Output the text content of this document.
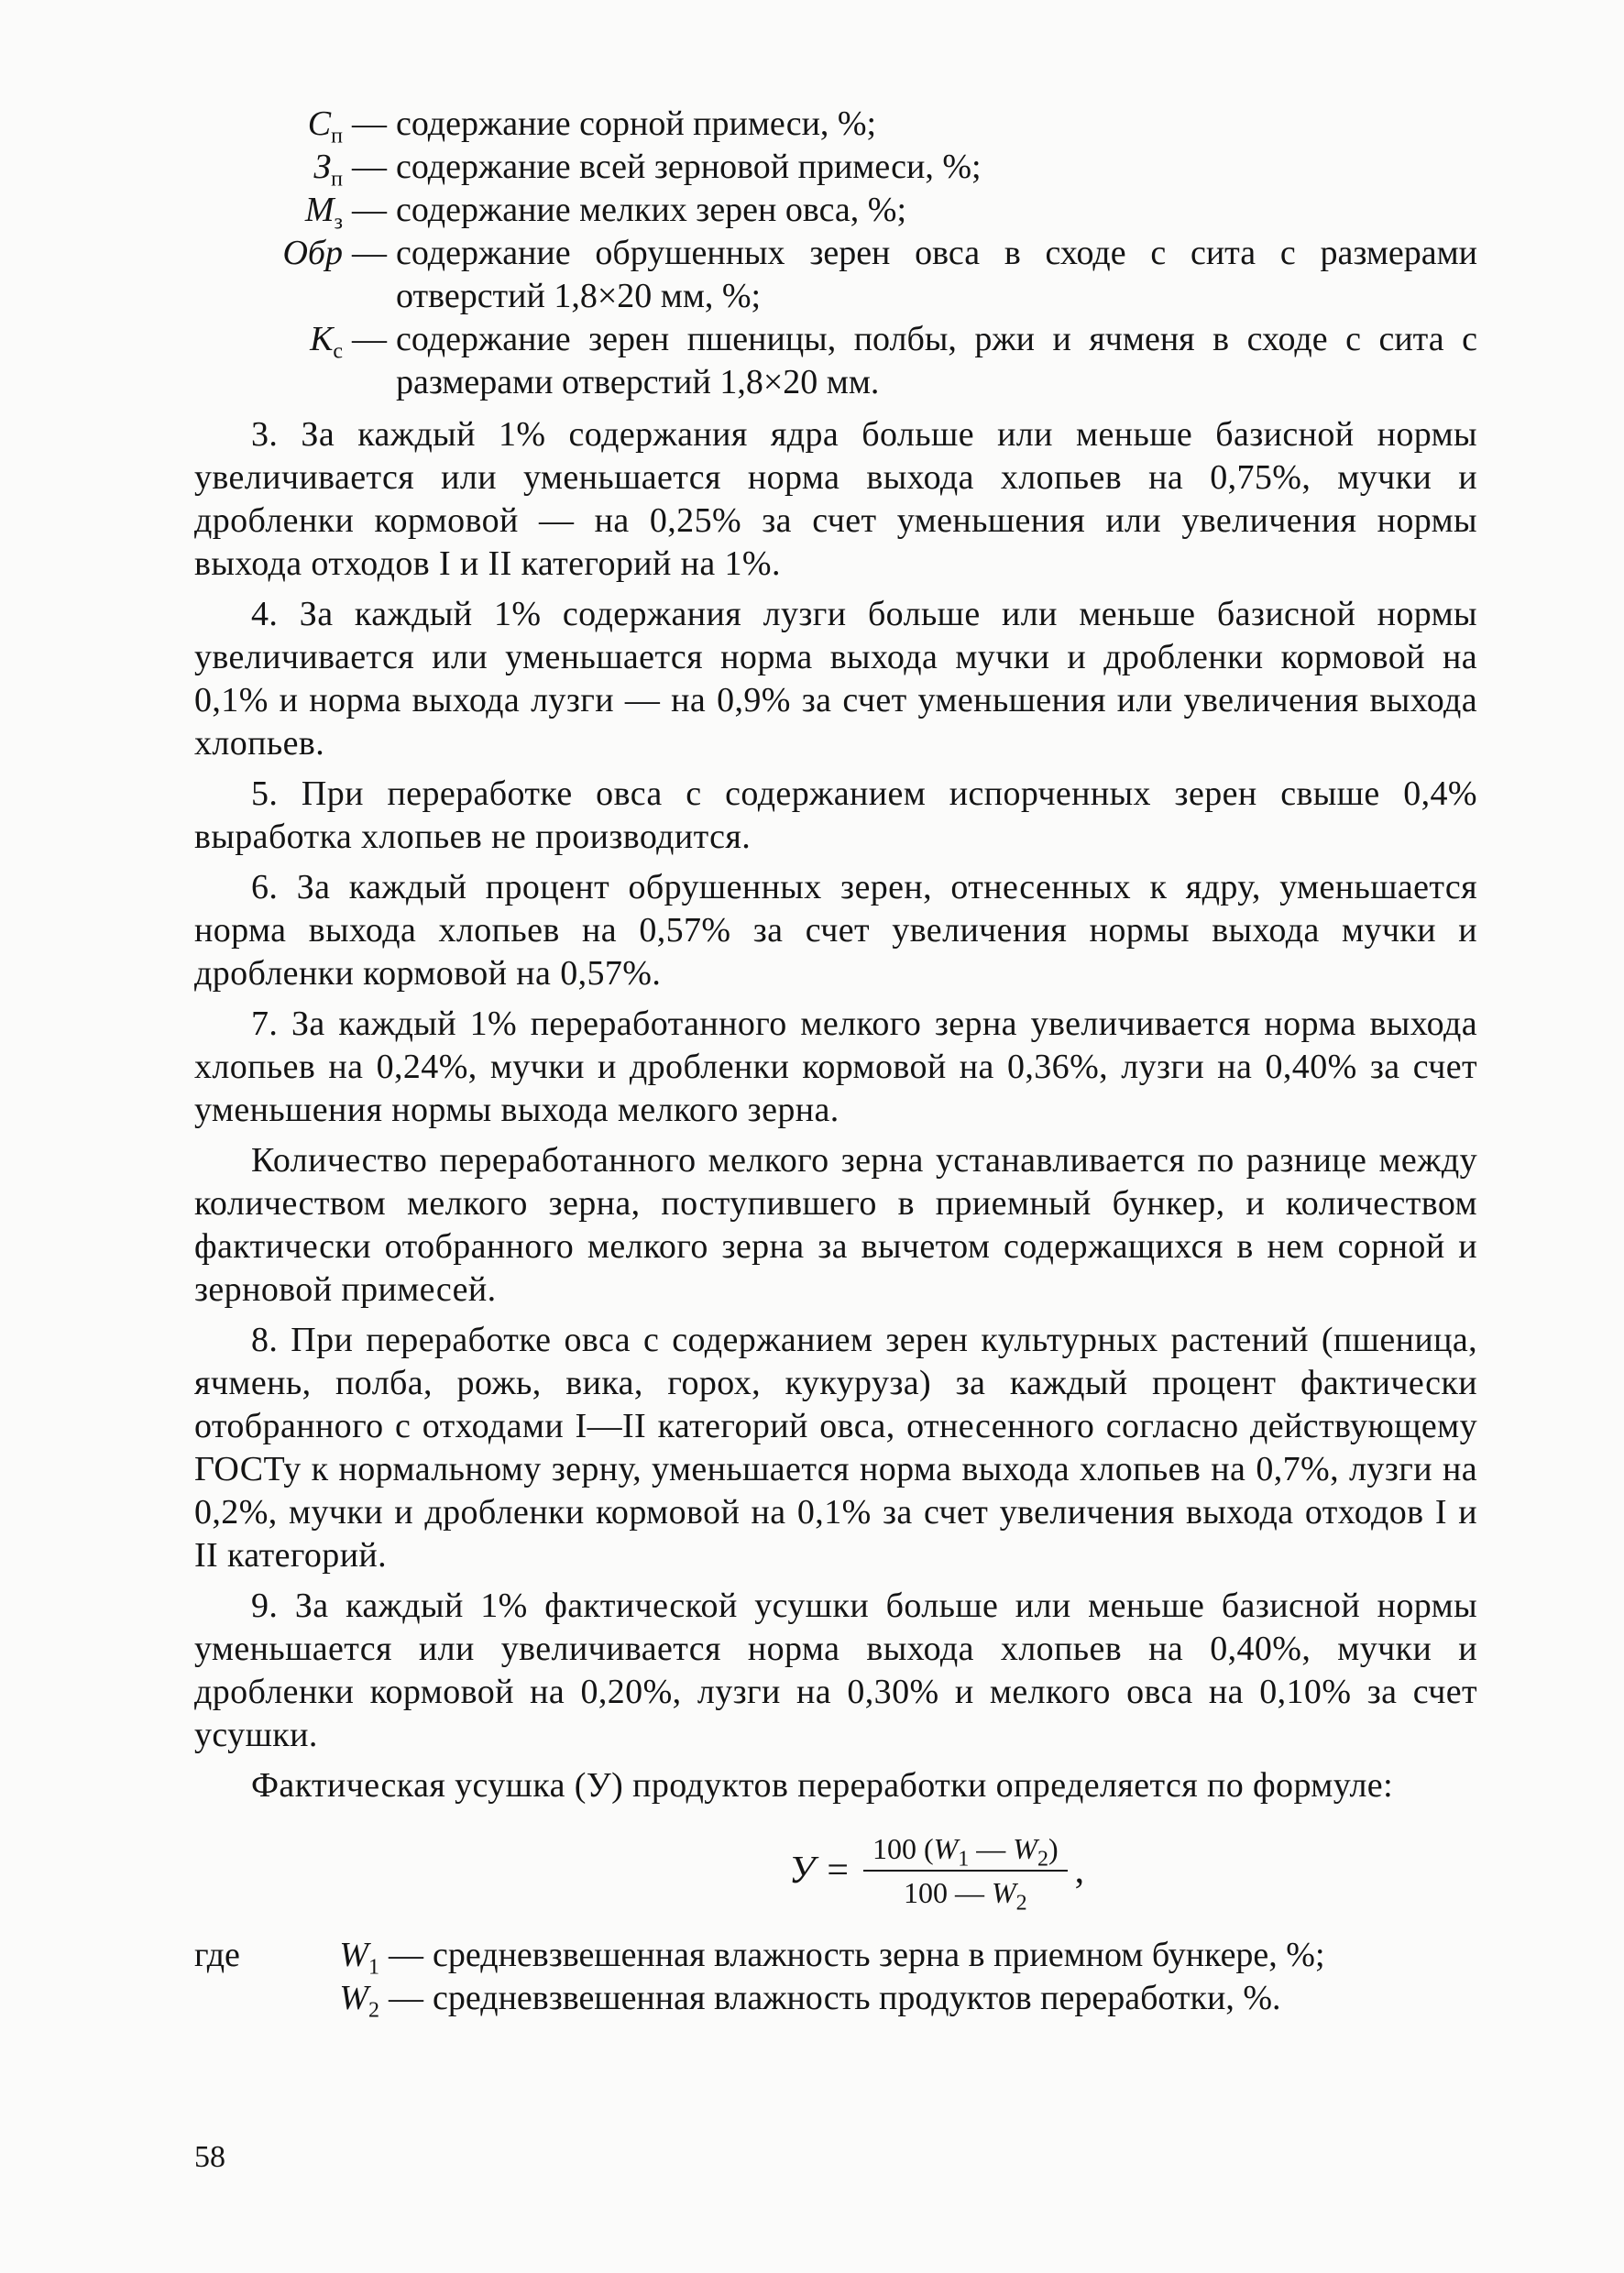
$С_п$ — содержание сорной примеси, %;
$З_п$ — содержание всей зерновой примеси, %;
$М_з$ — содержание мелких зерен овса, %;
Обр — содержание обрушенных зерен овса в сходе с сита с размерами отверстий 1,8×20 мм, %;
$К_с$ — содержание зерен пшеницы, полбы, ржи и ячменя в сходе с сита с размерами отверстий 1,8×20 мм.

3. За каждый 1% содержания ядра больше или меньше базисной нормы увеличивается или уменьшается норма выхода хлопьев на 0,75%, мучки и дробленки кормовой — на 0,25% за счет уменьшения или увеличения нормы выхода отходов I и II категорий на 1%.

4. За каждый 1% содержания лузги больше или меньше базисной нормы увеличивается или уменьшается норма выхода мучки и дробленки кормовой на 0,1% и норма выхода лузги — на 0,9% за счет уменьшения или увеличения выхода хлопьев.

5. При переработке овса с содержанием испорченных зерен свыше 0,4% выработка хлопьев не производится.

6. За каждый процент обрушенных зерен, отнесенных к ядру, уменьшается норма выхода хлопьев на 0,57% за счет увеличения нормы выхода мучки и дробленки кормовой на 0,57%.

7. За каждый 1% переработанного мелкого зерна увеличивается норма выхода хлопьев на 0,24%, мучки и дробленки кормовой на 0,36%, лузги на 0,40% за счет уменьшения нормы выхода мелкого зерна.

Количество переработанного мелкого зерна устанавливается по разнице между количеством мелкого зерна, поступившего в приемный бункер, и количеством фактически отобранного мелкого зерна за вычетом содержащихся в нем сорной и зерновой примесей.

8. При переработке овса с содержанием зерен культурных растений (пшеница, ячмень, полба, рожь, вика, горох, кукуруза) за каждый процент фактически отобранного с отходами I—II категорий овса, отнесенного согласно действующему ГОСТу к нормальному зерну, уменьшается норма выхода хлопьев на 0,7%, лузги на 0,2%, мучки и дробленки кормовой на 0,1% за счет увеличения выхода отходов I и II категорий.

9. За каждый 1% фактической усушки больше или меньше базисной нормы уменьшается или увеличивается норма выхода хлопьев на 0,40%, мучки и дробленки кормовой на 0,20%, лузги на 0,30% и мелкого овса на 0,10% за счет усушки.

Фактическая усушка (У) продуктов переработки определяется по формуле:

$У = \frac{100 (W_1 — W_2)}{100 — W_2}$ ,
где	$W_1$ — средневзвешенная влажность зерна в приемном бункере, %;
$W_2$ — средневзвешенная влажность продуктов переработки, %.
58
